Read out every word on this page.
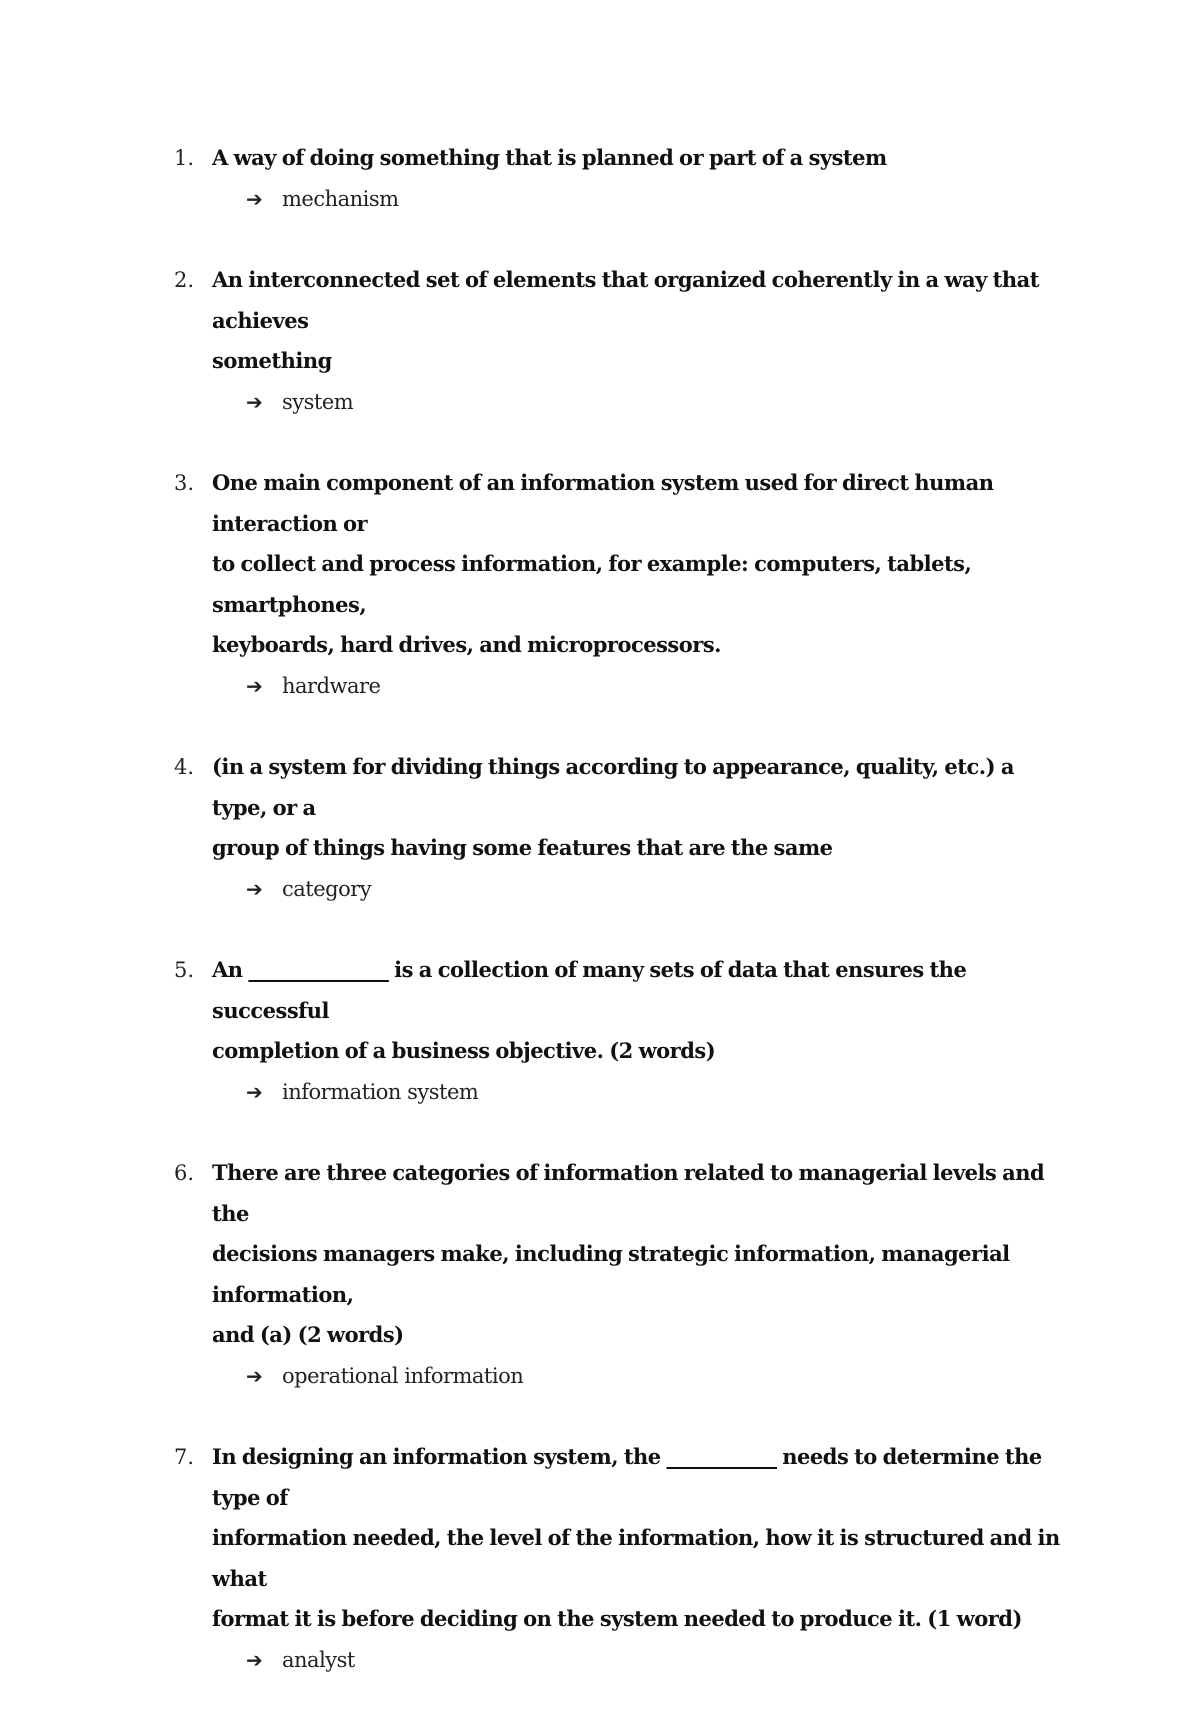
1. A way of doing something that is planned or part of a system
➔ mechanism
2. An interconnected set of elements that organized coherently in a way that achieves
something
➔ system
3. One main component of an information system used for direct human interaction or
to collect and process information, for example: computers, tablets, smartphones,
keyboards, hard drives, and microprocessors.
➔ hardware
4. (in a system for dividing things according to appearance, quality, etc.) a type, or a
group of things having some features that are the same
➔ category
5. An ______________ is a collection of many sets of data that ensures the successful
completion of a business objective. (2 words)
➔ information system
6. There are three categories of information related to managerial levels and the
decisions managers make, including strategic information, managerial information,
and (a) (2 words)
➔ operational information
7. In designing an information system, the ___________ needs to determine the type of
information needed, the level of the information, how it is structured and in what
format it is before deciding on the system needed to produce it. (1 word)
➔ analyst
